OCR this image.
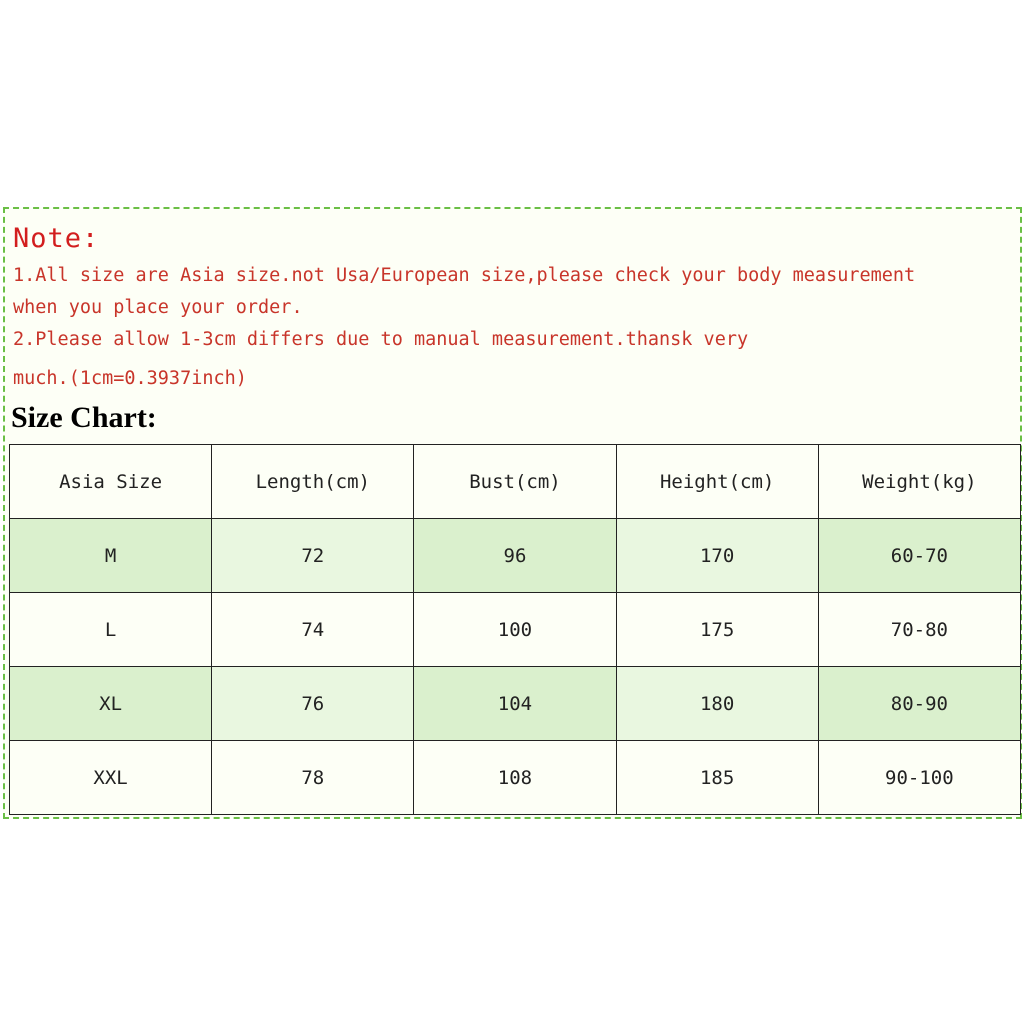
Note:
1.All size are Asia size.not Usa/European size,please check your body measurement
when you place your order.
2.Please allow 1-3cm differs due to manual measurement.thansk very
much.(1cm=0.3937inch)
Size Chart:
Asia Size	Length(cm)	Bust(cm)	Height(cm)	Weight(kg)
M	72	96	170	60-70
L	74	100	175	70-80
XL	76	104	180	80-90
XXL	78	108	185	90-100
